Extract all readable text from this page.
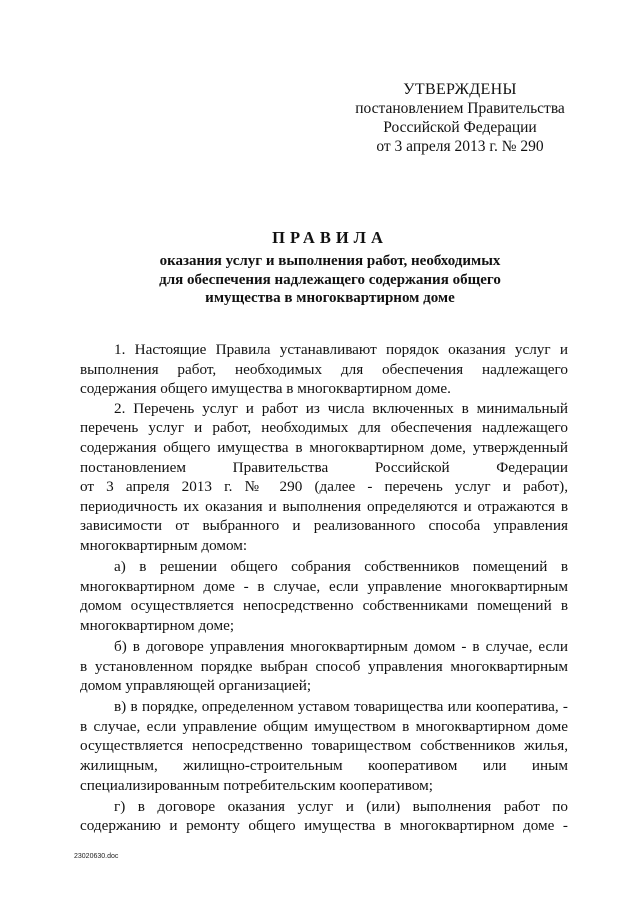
УТВЕРЖДЕНЫ
постановлением Правительства
Российской Федерации
от 3 апреля 2013 г. № 290
ПРАВИЛА
оказания услуг и выполнения работ, необходимых
для обеспечения надлежащего содержания общего
имущества в многоквартирном доме
1. Настоящие Правила устанавливают порядок оказания услуг и
выполнения работ, необходимых для обеспечения надлежащего
содержания общего имущества в многоквартирном доме.
2. Перечень услуг и работ из числа включенных в минимальный
перечень услуг и работ, необходимых для обеспечения надлежащего
содержания общего имущества в многоквартирном доме, утвержденный
постановлением Правительства Российской Федерации
от 3 апреля 2013 г. № 290 (далее - перечень услуг и работ),
периодичность их оказания и выполнения определяются и отражаются в
зависимости от выбранного и реализованного способа управления
многоквартирным домом:
а) в решении общего собрания собственников помещений в
многоквартирном доме - в случае, если управление многоквартирным
домом осуществляется непосредственно собственниками помещений в
многоквартирном доме;
б) в договоре управления многоквартирным домом - в случае, если
в установленном порядке выбран способ управления многоквартирным
домом управляющей организацией;
в) в порядке, определенном уставом товарищества или кооператива, -
в случае, если управление общим имуществом в многоквартирном доме
осуществляется непосредственно товариществом собственников жилья,
жилищным, жилищно-строительным кооперативом или иным
специализированным потребительским кооперативом;
г) в договоре оказания услуг и (или) выполнения работ по
содержанию и ремонту общего имущества в многоквартирном доме -
23020630.doc
